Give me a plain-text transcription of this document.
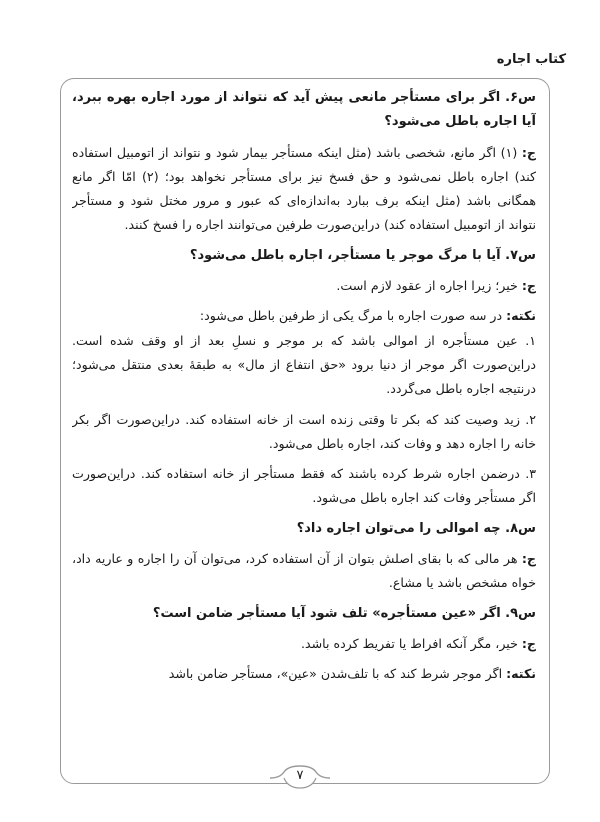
کتاب اجاره

س۶. اگر برای مستأجر مانعی پیش آید که نتواند از مورد اجاره بهره ببرد، آیا اجاره باطل می‌شود؟

ج: (۱) اگر مانع، شخصی باشد (مثل اینکه مستأجر بیمار شود و نتواند از اتومبیل استفاده کند) اجاره باطل نمی‌شود و حق فسخ نیز برای مستأجر نخواهد بود؛ (۲) امّا اگر مانع همگانی باشد (مثل اینکه برف ببارد به‌اندازه‌ای که عبور و مرور مختل شود و مستأجر نتواند از اتومبیل استفاده کند) دراین‌صورت طرفین می‌توانند اجاره را فسخ کنند.

س۷. آیا با مرگ موجر یا مستأجر، اجاره باطل می‌شود؟

ج: خیر؛ زیرا اجاره از عقود لازم است.

نکته: در سه صورت اجاره با مرگ یکی از طرفین باطل می‌شود:

۱. عین مستأجره از اموالی باشد که بر موجر و نسلِ بعد از او وقف شده است. دراین‌صورت اگر موجر از دنیا برود «حق انتفاع از مال» به طبقهٔ بعدی منتقل می‌شود؛ درنتیجه اجاره باطل می‌گردد.

۲. زید وصیت کند که بکر تا وقتی زنده است از خانه استفاده کند. دراین‌صورت اگر بکر خانه را اجاره دهد و وفات کند، اجاره باطل می‌شود.

۳. درضمن اجاره شرط کرده باشند که فقط مستأجر از خانه استفاده کند. دراین‌صورت اگر مستأجر وفات کند اجاره باطل می‌شود.

س۸. چه اموالی را می‌توان اجاره داد؟

ج: هر مالی که با بقای اصلش بتوان از آن استفاده کرد، می‌توان آن را اجاره و عاریه داد، خواه مشخص باشد یا مشاع.

س۹. اگر «عین مستأجره» تلف شود آیا مستأجر ضامن است؟

ج: خیر، مگر آنکه افراط یا تفریط کرده باشد.

نکته: اگر موجر شرط کند که با تلف‌شدن «عین»، مستأجر ضامن باشد

۷
